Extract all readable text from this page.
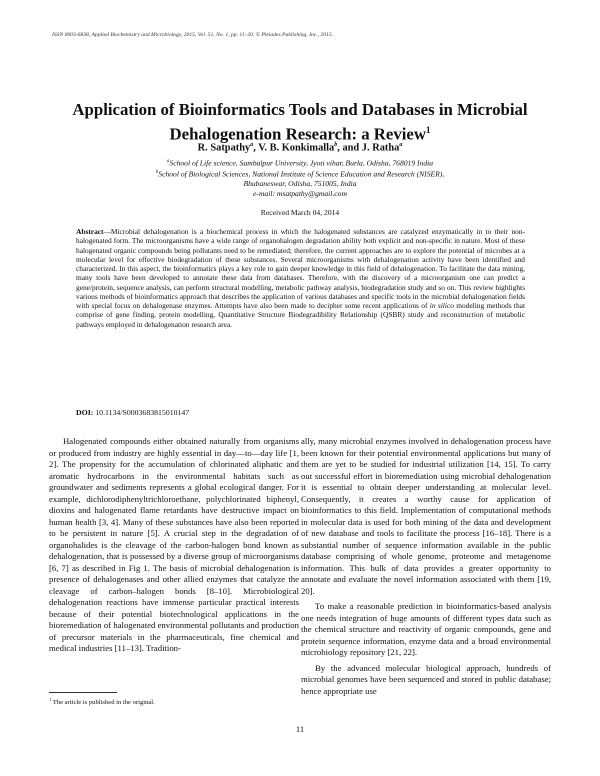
ISSN 0003-6838, Applied Biochemistry and Microbiology, 2015, Vol. 51, No. 1, pp. 11–20. © Pleiades Publishing, Inc., 2015.
Application of Bioinformatics Tools and Databases in Microbial
Dehalogenation Research: a Review$^1$
R. Satpathy$^a$, V. B. Konkimalla$^b$, and J. Ratha$^a$
$^a$School of Life science, Sambalpur University, Jyoti vihar, Burla, Odisha, 768019 India
$^b$School of Biological Sciences, National Institute of Science Education and Research (NISER),
Bhubaneswar, Odisha, 751005, India
e-mail: msatpathy@gmail.com
Received March 04, 2014
Abstract—Microbial dehalogenation is a biochemical process in which the halogenated substances are catalyzed enzymatically in to their non-halogenated form. The microorganisms have a wide range of organohalogen degradation ability both explicit and non-specific in nature. Most of these halogenated organic compounds being pollutants need to be remediated; therefore, the current approaches are to explore the potential of microbes at a molecular level for effective biodegradation of these substances. Several microorganisms with dehalogenation activity have been identified and characterized. In this aspect, the bioinformatics plays a key role to gain deeper knowledge in this field of dehalogenation. To facilitate the data mining, many tools have been developed to annotate these data from databases. Therefore, with the discovery of a microorganism one can predict a gene/protein, sequence analysis, can perform structural modelling, metabolic pathway analysis, biodegradation study and so on. This review highlights various methods of bioinformatics approach that describes the application of various databases and specific tools in the microbial dehalogenation fields with special focus on dehalogenase enzymes. Attempts have also been made to decipher some recent applications of in silico modeling methods that comprise of gene finding, protein modelling, Quantitative Structure Biodegradibility Relationship (QSBR) study and reconstruction of metabolic pathways employed in dehalogenation research area.
DOI: 10.1134/S0003683815010147

Halogenated compounds either obtained naturally from organisms or produced from industry are highly essential in day—to—day life [1, 2]. The propensity for the accumulation of chlorinated aliphatic and aromatic hydrocarbons in the environmental habitats such as groundwater and sediments represents a global ecological danger. For example, dichlorodiphenyltrichloroethane, polychlorinated biphenyl, dioxins and halogenated flame retardants have destructive impact on human health [3, 4]. Many of these substances have also been reported to be persistent in nature [5]. A crucial step in the degradation of organohalides is the cleavage of the carbon-halogen bond known as dehalogenation, that is possessed by a diverse group of microorganisms [6, 7] as described in Fig 1. The basis of microbial dehalogenation is presence of dehalogenases and other allied enzymes that catalyze the cleavage of carbon–halogen bonds [8–10]. Microbiological dehalogenation reactions have immense particular practical interests because of their potential biotechnological applications in the bioremediation of halogenated environmental pollutants and production of precursor materials in the pharmaceuticals, fine chemical and medical industries [11–13]. Tradition-

ally, many microbial enzymes involved in dehalogenation process have been known for their potential environmental applications but many of them are yet to be studied for industrial utilization [14, 15]. To carry out successful effort in bioremediation using microbial dehalogenation it is essential to obtain deeper understanding at molecular level. Consequently, it creates a worthy cause for application of bioinformatics to this field. Implementation of computational methods in molecular data is used for both mining of the data and development of new database and tools to facilitate the process [16–18]. There is a substantial number of sequence information available in the public database comprising of whole genome, proteome and metagenome information. This bulk of data provides a greater opportunity to annotate and evaluate the novel information associated with them [19, 20].

To make a reasonable prediction in bioinformatics-based analysis one needs integration of huge amounts of different types data such as the chemical structure and reactivity of organic compounds, gene and protein sequence information, enzyme data and a broad environmental microbiology repository [21, 22].

By the advanced molecular biological approach, hundreds of microbial genomes have been sequenced and stored in public database; hence appropriate use

$^1$ The article is published in the original.
11
